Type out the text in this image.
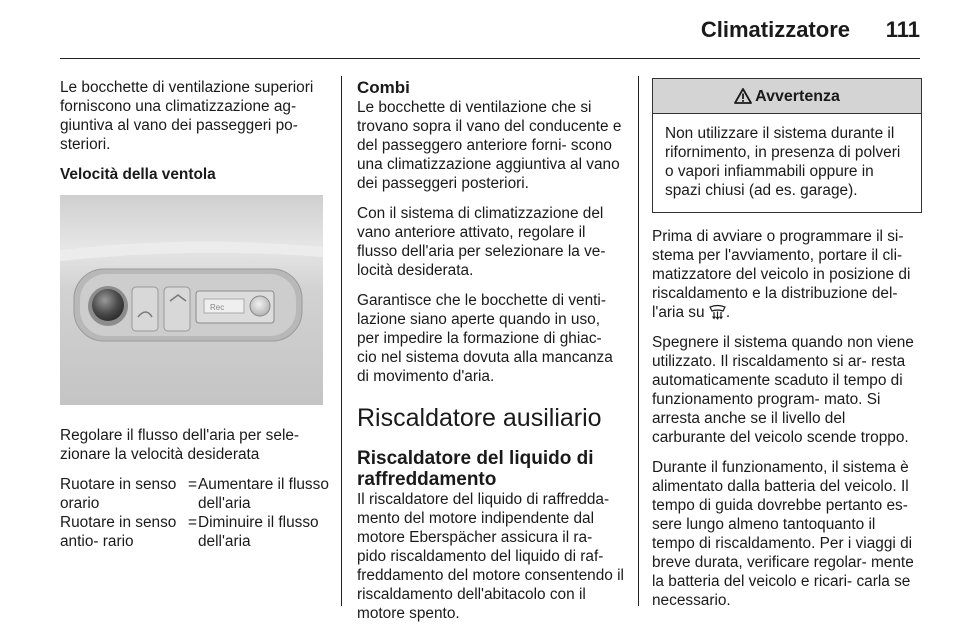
Climatizzatore 111

Le bocchette di ventilazione superiori forniscono una climatizzazione ag- giuntiva al vano dei passeggeri po- steriori.

Velocità della ventola

Rec

Regolare il flusso dell'aria per sele- zionare la velocità desiderata

Ruotare in senso orario	=	Aumentare il flusso dell'aria
Ruotare in senso antio- rario	=	Diminuire il flusso dell'aria

Combi

Le bocchette di ventilazione che si trovano sopra il vano del conducente e del passeggero anteriore forni- scono una climatizzazione aggiuntiva al vano dei passeggeri posteriori.

Con il sistema di climatizzazione del vano anteriore attivato, regolare il flusso dell'aria per selezionare la ve- locità desiderata.

Garantisce che le bocchette di venti- lazione siano aperte quando in uso, per impedire la formazione di ghiac- cio nel sistema dovuta alla mancanza di movimento d'aria.

Riscaldatore ausiliario

Riscaldatore del liquido di raffreddamento

Il riscaldatore del liquido di raffredda- mento del motore indipendente dal motore Eberspächer assicura il ra- pido riscaldamento del liquido di raf- freddamento del motore consentendo il riscaldamento dell'abitacolo con il motore spento.

Avvertenza
Non utilizzare il sistema durante il rifornimento, in presenza di polveri o vapori infiammabili oppure in spazi chiusi (ad es. garage).

Prima di avviare o programmare il si- stema per l'avviamento, portare il cli- matizzatore del veicolo in posizione di riscaldamento e la distribuzione del- l'aria su .

Spegnere il sistema quando non viene utilizzato. Il riscaldamento si ar- resta automaticamente scaduto il tempo di funzionamento program- mato. Si arresta anche se il livello del carburante del veicolo scende troppo.

Durante il funzionamento, il sistema è alimentato dalla batteria del veicolo. Il tempo di guida dovrebbe pertanto es- sere lungo almeno tantoquanto il tempo di riscaldamento. Per i viaggi di breve durata, verificare regolar- mente la batteria del veicolo e ricari- carla se necessario.
